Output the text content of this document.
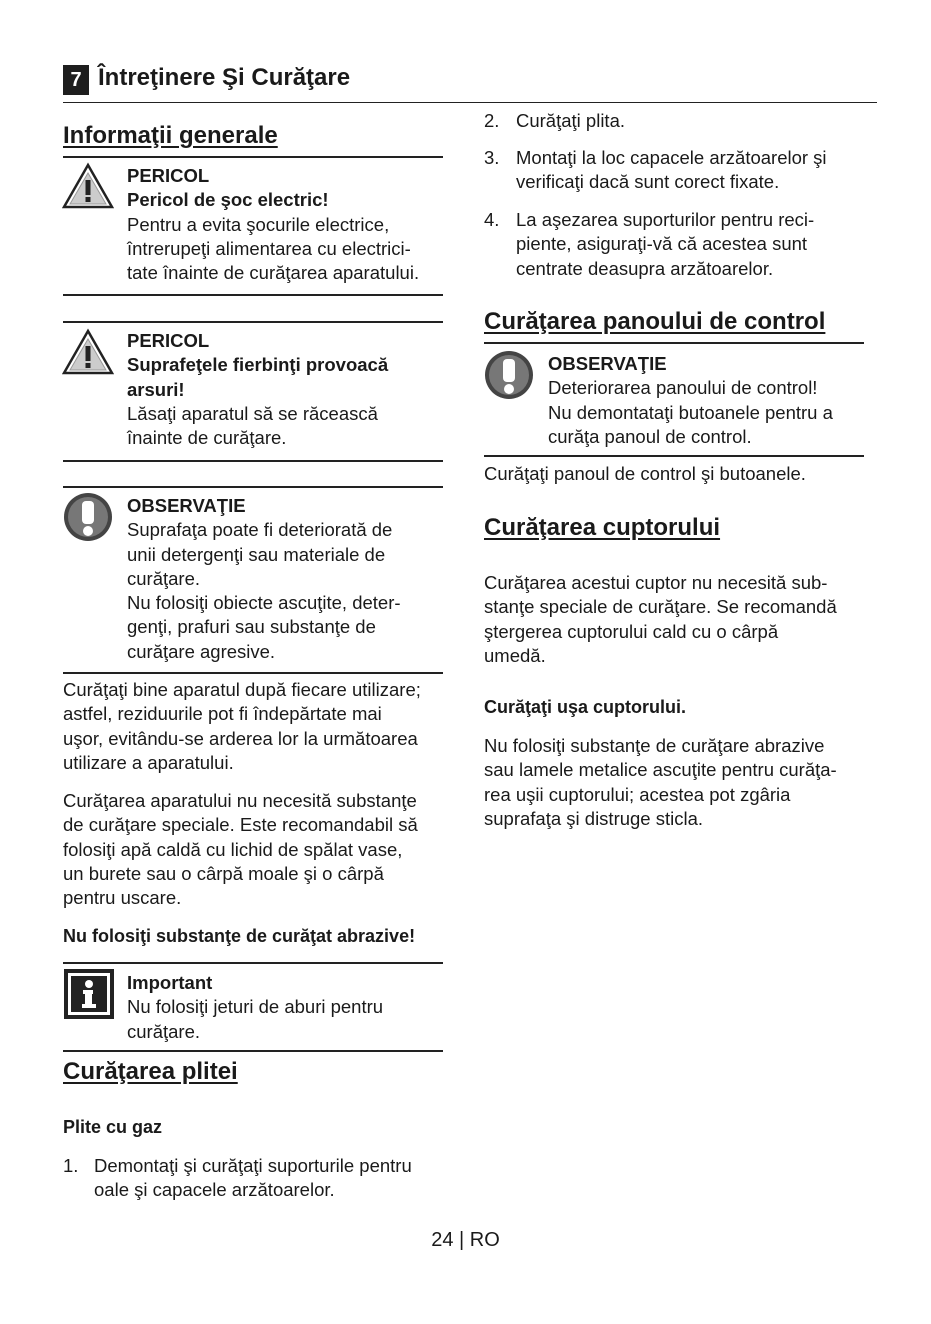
7 Întreţinere Şi Curăţare
Informaţii generale
PERICOL
Pericol de şoc electric!
Pentru a evita şocurile electrice,
întrerupeţi alimentarea cu electrici-
tate înainte de curăţarea aparatului.
PERICOL
Suprafeţele fierbinţi provoacă
arsuri!
Lăsaţi aparatul să se răcească
înainte de curăţare.
OBSERVAŢIE
Suprafaţa poate fi deteriorată de
unii detergenţi sau materiale de
curăţare.
Nu folosiţi obiecte ascuţite, deter-
genţi, prafuri sau substanţe de
curăţare agresive.
Curăţaţi bine aparatul după fiecare utilizare;
astfel, reziduurile pot fi îndepărtate mai
uşor, evitându-se arderea lor la următoarea
utilizare a aparatului.
Curăţarea aparatului nu necesită substanţe
de curăţare speciale. Este recomandabil să
folosiţi apă caldă cu lichid de spălat vase,
un burete sau o cârpă moale şi o cârpă
pentru uscare.
Nu folosiţi substanţe de curăţat abrazive!
Important
Nu folosiţi jeturi de aburi pentru
curăţare.
Curăţarea plitei
Plite cu gaz
1. Demontaţi şi curăţaţi suporturile pentru
oale şi capacele arzătoarelor.
2. Curăţaţi plita.
3. Montaţi la loc capacele arzătoarelor şi
verificaţi dacă sunt corect fixate.
4. La aşezarea suporturilor pentru reci-
piente, asiguraţi-vă că acestea sunt
centrate deasupra arzătoarelor.
Curăţarea panoului de control
OBSERVAŢIE
Deteriorarea panoului de control!
Nu demontataţi butoanele pentru a
curăţa panoul de control.
Curăţaţi panoul de control şi butoanele.
Curăţarea cuptorului
Curăţarea acestui cuptor nu necesită sub-
stanţe speciale de curăţare. Se recomandă
ştergerea cuptorului cald cu o cârpă
umedă.
Curăţaţi uşa cuptorului.
Nu folosiţi substanţe de curăţare abrazive
sau lamele metalice ascuţite pentru curăţa-
rea uşii cuptorului; acestea pot zgâria
suprafaţa şi distruge sticla.
24 | RO
